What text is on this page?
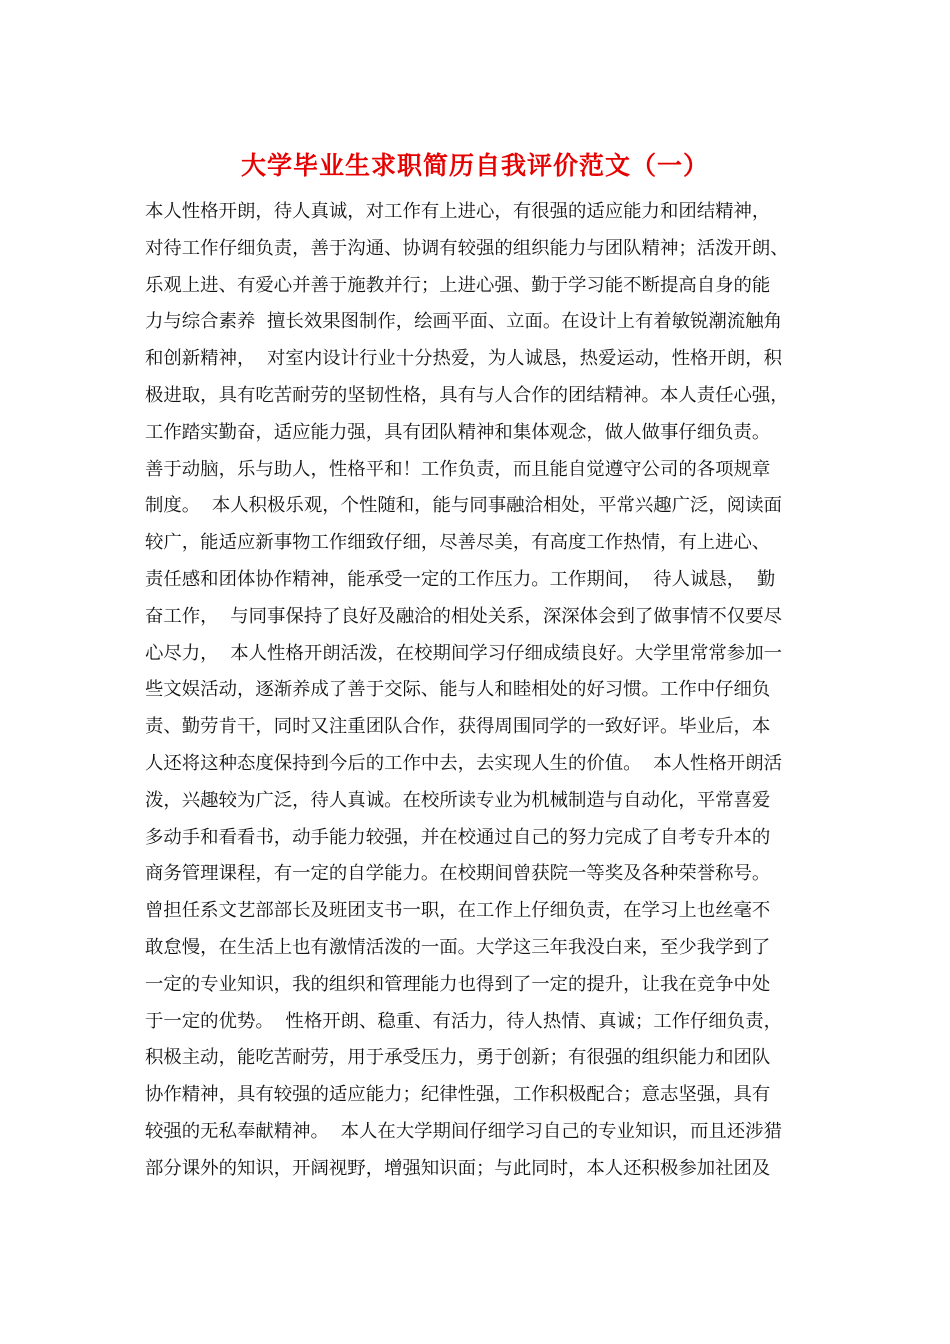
大学毕业生求职简历自我评价范文（一）
本人性格开朗，待人真诚，对工作有上进心，有很强的适应能力和团结精神，
对待工作仔细负责，善于沟通、协调有较强的组织能力与团队精神；活泼开朗、
乐观上进、有爱心并善于施教并行；上进心强、勤于学习能不断提高自身的能
力与综合素养  擅长效果图制作，绘画平面、立面。在设计上有着敏锐潮流触角
和创新精神，  对室内设计行业十分热爱，为人诚恳，热爱运动，性格开朗，积
极进取，具有吃苦耐劳的坚韧性格，具有与人合作的团结精神。本人责任心强，
工作踏实勤奋，适应能力强，具有团队精神和集体观念，做人做事仔细负责。
善于动脑，乐与助人，性格平和！工作负责，而且能自觉遵守公司的各项规章
制度。  本人积极乐观，个性随和，能与同事融洽相处，平常兴趣广泛，阅读面
较广，能适应新事物工作细致仔细，尽善尽美，有高度工作热情，有上进心、
责任感和团体协作精神，能承受一定的工作压力。工作期间，  待人诚恳，  勤
奋工作，  与同事保持了良好及融洽的相处关系，深深体会到了做事情不仅要尽
心尽力，  本人性格开朗活泼，在校期间学习仔细成绩良好。大学里常常参加一
些文娱活动，逐渐养成了善于交际、能与人和睦相处的好习惯。工作中仔细负
责、勤劳肯干，同时又注重团队合作，获得周围同学的一致好评。毕业后，本
人还将这种态度保持到今后的工作中去，去实现人生的价值。  本人性格开朗活
泼，兴趣较为广泛，待人真诚。在校所读专业为机械制造与自动化，平常喜爱
多动手和看看书，动手能力较强，并在校通过自己的努力完成了自考专升本的
商务管理课程，有一定的自学能力。在校期间曾获院一等奖及各种荣誉称号。
曾担任系文艺部部长及班团支书一职，在工作上仔细负责，在学习上也丝毫不
敢怠慢，在生活上也有激情活泼的一面。大学这三年我没白来，至少我学到了
一定的专业知识，我的组织和管理能力也得到了一定的提升，让我在竞争中处
于一定的优势。  性格开朗、稳重、有活力，待人热情、真诚；工作仔细负责，
积极主动，能吃苦耐劳，用于承受压力，勇于创新；有很强的组织能力和团队
协作精神，具有较强的适应能力；纪律性强，工作积极配合；意志坚强，具有
较强的无私奉献精神。  本人在大学期间仔细学习自己的专业知识，而且还涉猎
部分课外的知识，开阔视野，增强知识面；与此同时，本人还积极参加社团及
